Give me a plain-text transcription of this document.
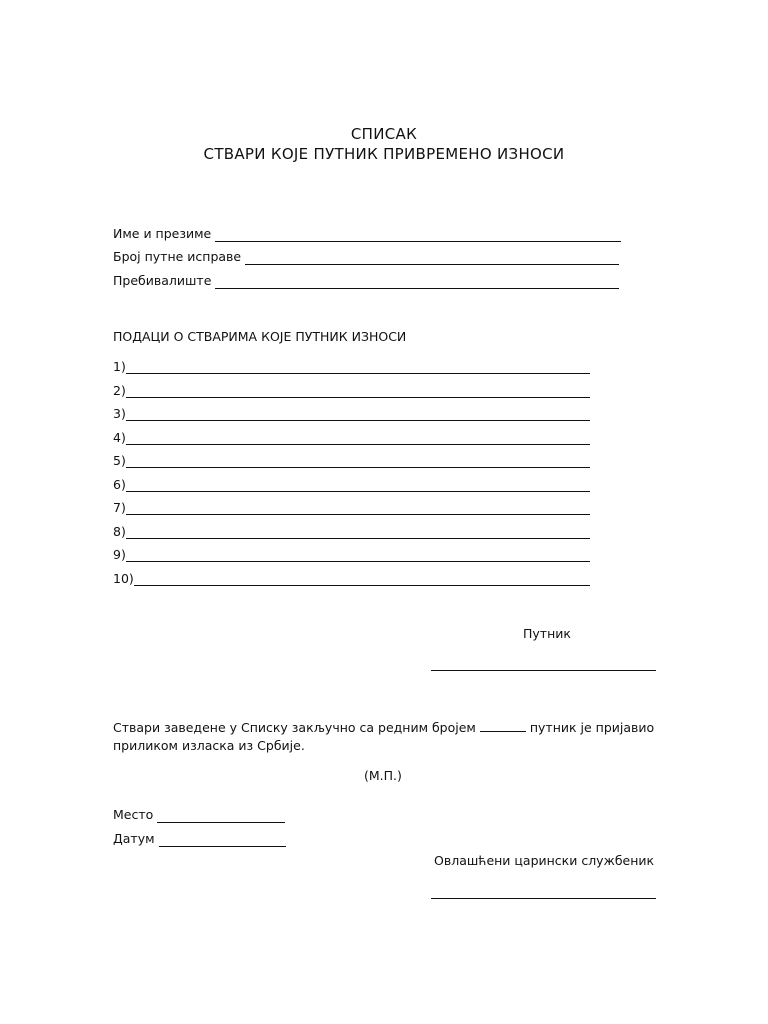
СПИСАК
СТВАРИ КОЈЕ ПУТНИК ПРИВРЕМЕНО ИЗНОСИ
Име и презиме
Број путне исправе
Пребивалиште
ПОДАЦИ О СТВАРИМА КОЈЕ ПУТНИК ИЗНОСИ
1)
2)
3)
4)
5)
6)
7)
8)
9)
10)
Путник
Ствари заведене у Списку закључно са редним бројем	путник је пријавио приликом изласка из Србије.
(М.П.)
Место
Датум
Овлашћени царински службеник
